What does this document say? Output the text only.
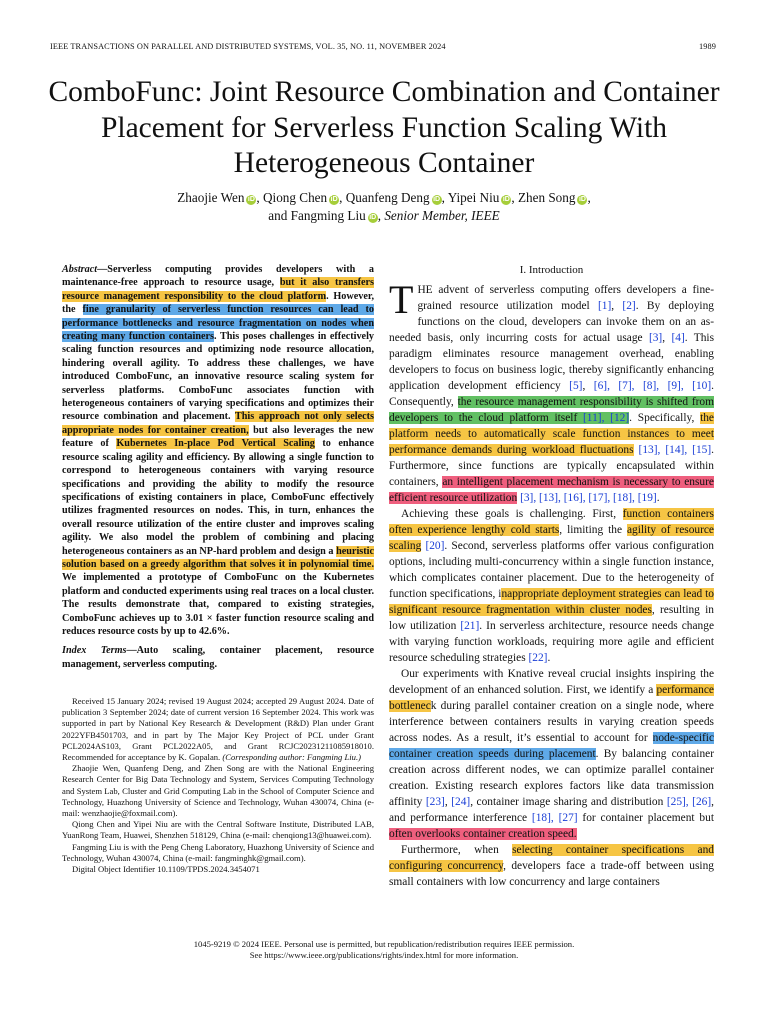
IEEE TRANSACTIONS ON PARALLEL AND DISTRIBUTED SYSTEMS, VOL. 35, NO. 11, NOVEMBER 2024	1989
ComboFunc: Joint Resource Combination and Container Placement for Serverless Function Scaling With Heterogeneous Container
Zhaojie Wen iD , Qiong Chen iD , Quanfeng Deng iD , Yipei Niu iD , Zhen Song iD ,
and Fangming Liu iD , Senior Member, IEEE

Abstract—Serverless computing provides developers with a maintenance-free approach to resource usage, but it also transfers resource management responsibility to the cloud platform. However, the fine granularity of serverless function resources can lead to performance bottlenecks and resource fragmentation on nodes when creating many function containers. This poses challenges in effectively scaling function resources and optimizing node resource allocation, hindering overall agility. To address these challenges, we have introduced ComboFunc, an innovative resource scaling system for serverless platforms. ComboFunc associates function with heterogeneous containers of varying specifications and optimizes their resource combination and placement. This approach not only selects appropriate nodes for container creation, but also leverages the new feature of Kubernetes In-place Pod Vertical Scaling to enhance resource scaling agility and efficiency. By allowing a single function to correspond to heterogeneous containers with varying resource specifications and providing the ability to modify the resource specifications of existing containers in place, ComboFunc effectively utilizes fragmented resources on nodes. This, in turn, enhances the overall resource utilization of the entire cluster and improves scaling agility. We also model the problem of combining and placing heterogeneous containers as an NP-hard problem and design a heuristic solution based on a greedy algorithm that solves it in polynomial time. We implemented a prototype of ComboFunc on the Kubernetes platform and conducted experiments using real traces on a local cluster. The results demonstrate that, compared to existing strategies, ComboFunc achieves up to 3.01 × faster function resource scaling and reduces resource costs by up to 42.6%.

Index Terms—Auto scaling, container placement, resource management, serverless computing.

Received 15 January 2024; revised 19 August 2024; accepted 29 August 2024. Date of publication 3 September 2024; date of current version 16 September 2024. This work was supported in part by National Key Research & Development (R&D) Plan under Grant 2022YFB4501703, and in part by The Major Key Project of PCL under Grant PCL2024AS103, Grant PCL2022A05, and Grant RCJC20231211085918010. Recommended for acceptance by K. Gopalan. (Corresponding author: Fangming Liu.)

Zhaojie Wen, Quanfeng Deng, and Zhen Song are with the National Engineering Research Center for Big Data Technology and System, Services Computing Technology and System Lab, Cluster and Grid Computing Lab in the School of Computer Science and Technology, Huazhong University of Science and Technology, Wuhan 430074, China (e-mail: wenzhaojie@foxmail.com).

Qiong Chen and Yipei Niu are with the Central Software Institute, Distributed LAB, YuanRong Team, Huawei, Shenzhen 518129, China (e-mail: chenqiong13@huawei.com).

Fangming Liu is with the Peng Cheng Laboratory, Huazhong University of Science and Technology, Wuhan 430074, China (e-mail: fangminghk@gmail.com).

Digital Object Identifier 10.1109/TPDS.2024.3454071

I. Introduction

THE advent of serverless computing offers developers a fine-grained resource utilization model [1], [2]. By deploying functions on the cloud, developers can invoke them on an as-needed basis, only incurring costs for actual usage [3], [4]. This paradigm eliminates resource management overhead, enabling developers to focus on business logic, thereby significantly enhancing application development efficiency [5], [6], [7], [8], [9], [10]. Consequently, the resource management responsibility is shifted from developers to the cloud platform itself [11], [12]. Specifically, the platform needs to automatically scale function instances to meet performance demands during workload fluctuations [13], [14], [15]. Furthermore, since functions are typically encapsulated within containers, an intelligent placement mechanism is necessary to ensure efficient resource utilization [3], [13], [16], [17], [18], [19].

Achieving these goals is challenging. First, function containers often experience lengthy cold starts, limiting the agility of resource scaling [20]. Second, serverless platforms offer various configuration options, including multi-concurrency within a single function instance, which complicates container placement. Due to the heterogeneity of function specifications, inappropriate deployment strategies can lead to significant resource fragmentation within cluster nodes, resulting in low utilization [21]. In serverless architecture, resource needs change with varying function workloads, requiring more agile and efficient resource scheduling strategies [22].

Our experiments with Knative reveal crucial insights inspiring the development of an enhanced solution. First, we identify a performance bottleneck during parallel container creation on a single node, where interference between containers results in varying creation speeds across nodes. As a result, it’s essential to account for node-specific container creation speeds during placement. By balancing container creation across different nodes, we can optimize parallel container creation. Existing research explores factors like data transmission affinity [23], [24], container image sharing and distribution [25], [26], and performance interference [18], [27] for container placement but often overlooks container creation speed.

Furthermore, when selecting container specifications and configuring concurrency, developers face a trade-off between using small containers with low concurrency and large containers

1045-9219 © 2024 IEEE. Personal use is permitted, but republication/redistribution requires IEEE permission.
See https://www.ieee.org/publications/rights/index.html for more information.
